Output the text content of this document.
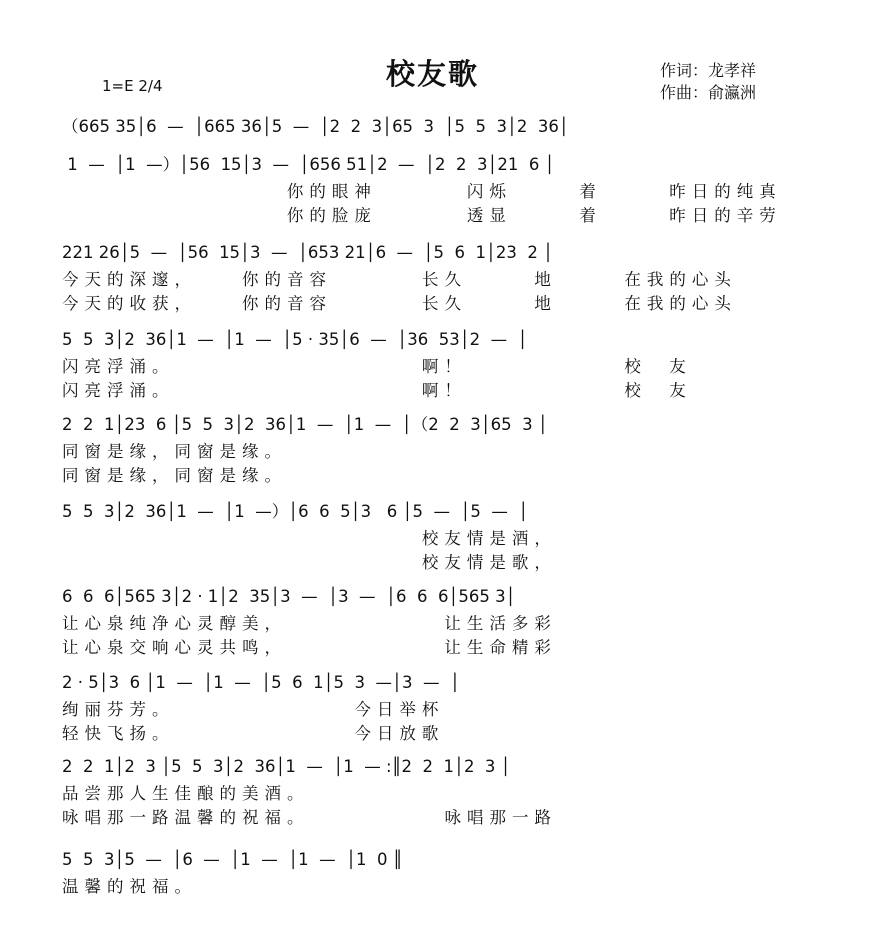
校友歌	作词：龙孝祥
作曲：俞瀛洲
1=E 2/4
（665 35│6  —  │665 36│5  —  │2  2  3│65  3  │5  5  3│2  36│
1  —  │1  —）│56  15│3  —  │656 51│2  —  │2  2  3│21  6 │
你的眼神        闪烁      着      昨日的纯真
你的脸庞        透显      着      昨日的辛劳
221 26│5  —  │56  15│3  —  │653 21│6  —  │5  6  1│23  2 │
今天的深邃，    你的音容        长久      地      在我的心头
今天的收获，    你的音容        长久      地      在我的心头
5  5  3│2  36│1  —  │1  —  │5 · 35│6  —  │36  53│2  —  │
闪亮浮涌。                      啊！              校  友
闪亮浮涌。                      啊！              校  友
2  2  1│23  6 │5  5  3│2  36│1  —  │1  —  │（2  2  3│65  3 │
同窗是缘，同窗是缘。
同窗是缘，同窗是缘。
5  5  3│2  36│1  —  │1  —）│6  6  5│3   6 │5  —  │5  —  │
校友情是酒，
校友情是歌，
6  6  6│565 3│2 · 1│2  35│3  —  │3  —  │6  6  6│565 3│
让心泉纯净心灵醇美，              让生活多彩
让心泉交响心灵共鸣，              让生命精彩
2 · 5│3  6 │1  —  │1  —  │5  6  1│5  3  —│3  —  │
绚丽芬芳。                今日举杯
轻快飞扬。                今日放歌
2  2  1│2  3 │5  5  3│2  36│1  —  │1  — :║2  2  1│2  3 │
品尝那人生佳酿的美酒。
咏唱那一路温馨的祝福。            咏唱那一路
5  5  3│5  —  │6  —  │1  —  │1  —  │1  0 ║
温馨的祝福。
